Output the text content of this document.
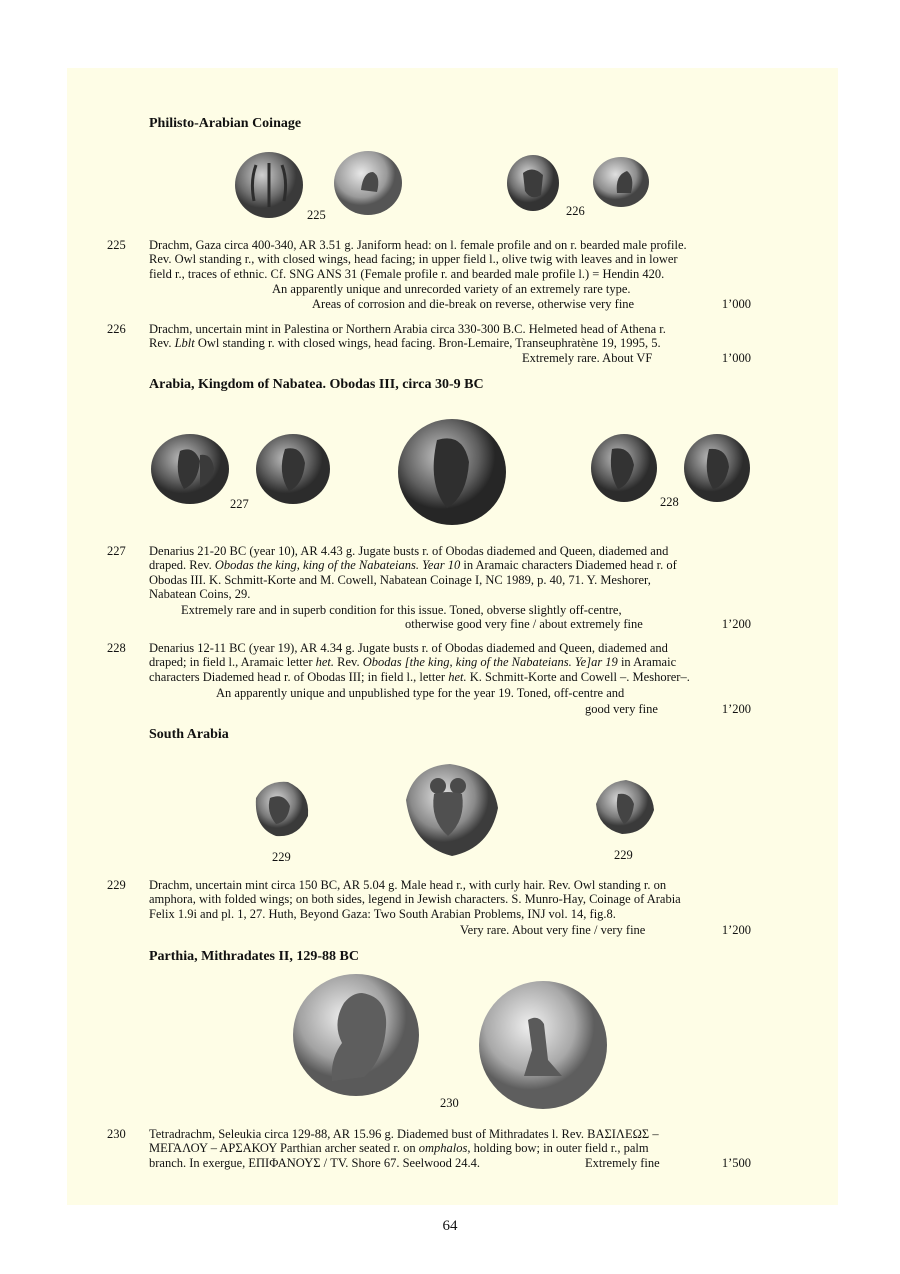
Philisto-Arabian Coinage
225	226
225 Drachm, Gaza circa 400-340, AR 3.51 g. Janiform head: on l. female profile and on r. bearded male profile.

Rev. Owl standing r., with closed wings, head facing; in upper field l., olive twig with leaves and in lower

field r., traces of ethnic. Cf. SNG ANS 31 (Female profile r. and bearded male profile l.) = Hendin 420.

An apparently unique and unrecorded variety of an extremely rare type.
Areas of corrosion and die-break on reverse, otherwise very fine	1’000
226 Drachm, uncertain mint in Palestina or Northern Arabia circa 330-300 B.C. Helmeted head of Athena r.

Rev. Lblt Owl standing r. with closed wings, head facing. Bron-Lemaire, Transeuphratène 19, 1995, 5.

Extremely rare. About VF	1’000
Arabia, Kingdom of Nabatea. Obodas III, circa 30-9 BC
227	228
227 Denarius 21-20 BC (year 10), AR 4.43 g. Jugate busts r. of Obodas diademed and Queen, diademed and

draped. Rev. Obodas the king, king of the Nabateians. Year 10 in Aramaic characters Diademed head r. of

Obodas III. K. Schmitt-Korte and M. Cowell, Nabatean Coinage I, NC 1989, p. 40, 71. Y. Meshorer,

Nabatean Coins, 29.

Extremely rare and in superb condition for this issue. Toned, obverse slightly off-centre,
otherwise good very fine / about extremely fine	1’200
228 Denarius 12-11 BC (year 19), AR 4.34 g. Jugate busts r. of Obodas diademed and Queen, diademed and

draped; in field l., Aramaic letter het. Rev. Obodas [the king, king of the Nabateians. Ye]ar 19 in Aramaic

characters Diademed head r. of Obodas III; in field l., letter het. K. Schmitt-Korte and Cowell –. Meshorer–.

An apparently unique and unpublished type for the year 19. Toned, off-centre and
good very fine	1’200
South Arabia
229	229
229 Drachm, uncertain mint circa 150 BC, AR 5.04 g. Male head r., with curly hair. Rev. Owl standing r. on

amphora, with folded wings; on both sides, legend in Jewish characters. S. Munro-Hay, Coinage of Arabia

Felix 1.9i and pl. 1, 27. Huth, Beyond Gaza: Two South Arabian Problems, INJ vol. 14, fig.8.

Very rare. About very fine / very fine	1’200
Parthia, Mithradates II, 129-88 BC
230
230 Tetradrachm, Seleukia circa 129-88, AR 15.96 g. Diademed bust of Mithradates l. Rev. ΒΑΣΙΛΕΩΣ –

ΜΕΓΑΛΟΥ – ΑΡΣΑΚΟΥ Parthian archer seated r. on omphalos, holding bow; in outer field r., palm

branch. In exergue, ΕΠΙΦΑΝΟΥΣ / TV. Shore 67. Seelwood 24.4.	Extremely fine	1’500
64
